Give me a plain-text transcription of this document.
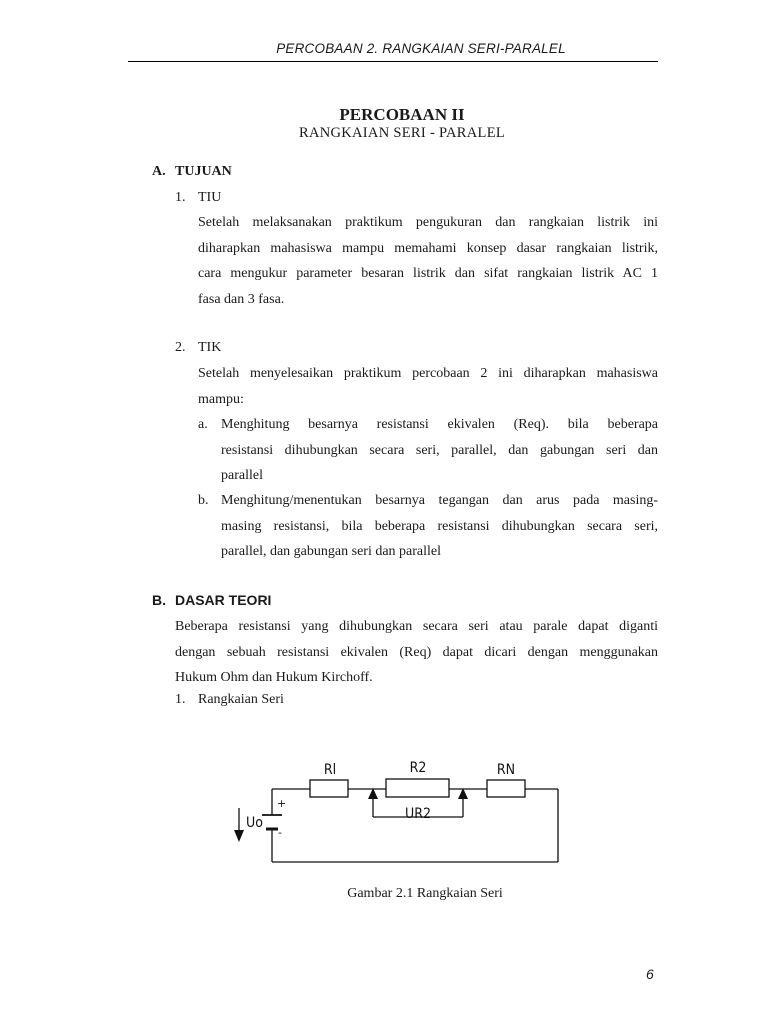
PERCOBAAN 2. RANGKAIAN SERI-PARALEL
PERCOBAAN II
RANGKAIAN SERI - PARALEL
A. TUJUAN
1. TIU
Setelah melaksanakan praktikum pengukuran dan rangkaian listrik ini
diharapkan mahasiswa mampu memahami konsep dasar rangkaian listrik,
cara mengukur parameter besaran listrik dan sifat rangkaian listrik AC 1
fasa dan 3 fasa.
2. TIK
Setelah menyelesaikan praktikum percobaan 2 ini diharapkan mahasiswa
mampu:
a. Menghitung besarnya resistansi ekivalen (Req). bila beberapa
resistansi dihubungkan secara seri, parallel, dan gabungan seri dan
parallel
b. Menghitung/menentukan besarnya tegangan dan arus pada masing-
masing resistansi, bila beberapa resistansi dihubungkan secara seri,
parallel, dan gabungan seri dan parallel
B. DASAR TEORI
Beberapa resistansi yang dihubungkan secara seri atau parale dapat diganti
dengan sebuah resistansi ekivalen (Req) dapat dicari dengan menggunakan
Hukum Ohm dan Hukum Kirchoff.
1. Rangkaian Seri
Rl	R2	RN
UR2
Uo
+
-
Gambar 2.1 Rangkaian Seri
6
